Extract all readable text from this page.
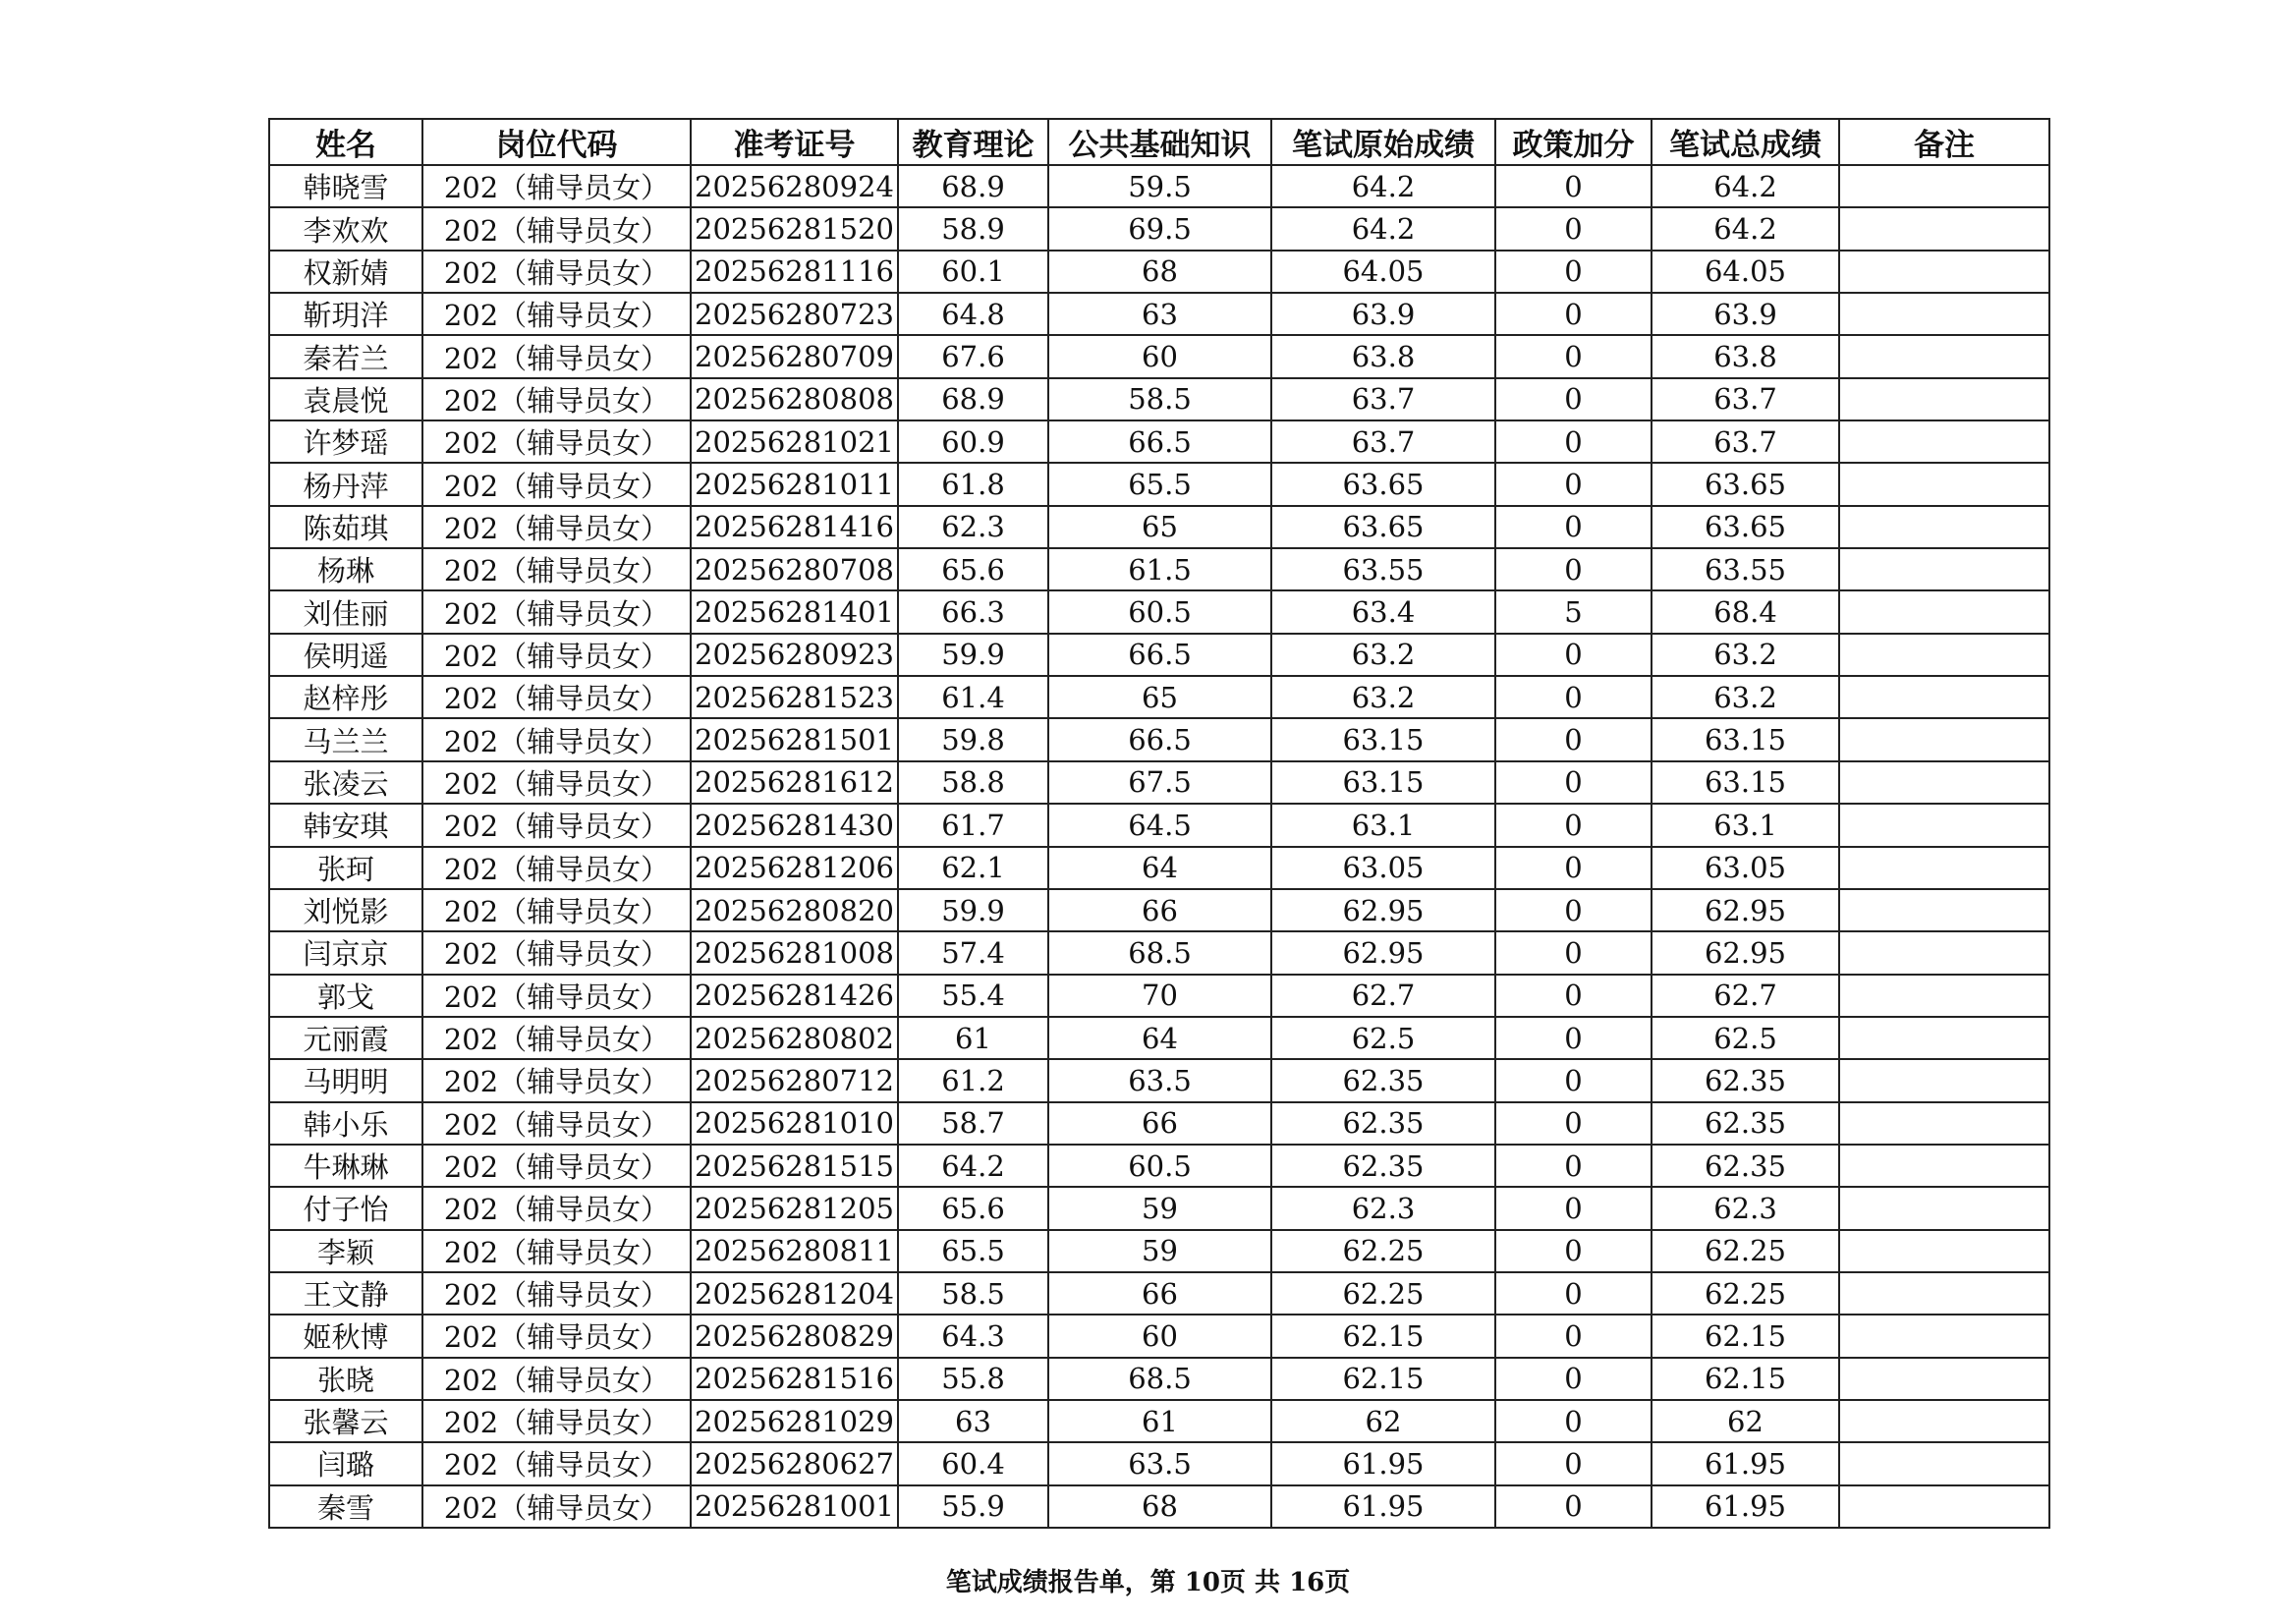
姓名	岗位代码	准考证号	教育理论	公共基础知识	笔试原始成绩	政策加分	笔试总成绩	备注
韩晓雪	202（辅导员女）	20256280924	68.9	59.5	64.2	0	64.2	
李欢欢	202（辅导员女）	20256281520	58.9	69.5	64.2	0	64.2	
权新婧	202（辅导员女）	20256281116	60.1	68	64.05	0	64.05	
靳玥洋	202（辅导员女）	20256280723	64.8	63	63.9	0	63.9	
秦若兰	202（辅导员女）	20256280709	67.6	60	63.8	0	63.8	
袁晨悦	202（辅导员女）	20256280808	68.9	58.5	63.7	0	63.7	
许梦瑶	202（辅导员女）	20256281021	60.9	66.5	63.7	0	63.7	
杨丹萍	202（辅导员女）	20256281011	61.8	65.5	63.65	0	63.65	
陈茹琪	202（辅导员女）	20256281416	62.3	65	63.65	0	63.65	
杨琳	202（辅导员女）	20256280708	65.6	61.5	63.55	0	63.55	
刘佳丽	202（辅导员女）	20256281401	66.3	60.5	63.4	5	68.4	
侯明遥	202（辅导员女）	20256280923	59.9	66.5	63.2	0	63.2	
赵梓彤	202（辅导员女）	20256281523	61.4	65	63.2	0	63.2	
马兰兰	202（辅导员女）	20256281501	59.8	66.5	63.15	0	63.15	
张凌云	202（辅导员女）	20256281612	58.8	67.5	63.15	0	63.15	
韩安琪	202（辅导员女）	20256281430	61.7	64.5	63.1	0	63.1	
张珂	202（辅导员女）	20256281206	62.1	64	63.05	0	63.05	
刘悦影	202（辅导员女）	20256280820	59.9	66	62.95	0	62.95	
闫京京	202（辅导员女）	20256281008	57.4	68.5	62.95	0	62.95	
郭戈	202（辅导员女）	20256281426	55.4	70	62.7	0	62.7	
元丽霞	202（辅导员女）	20256280802	61	64	62.5	0	62.5	
马明明	202（辅导员女）	20256280712	61.2	63.5	62.35	0	62.35	
韩小乐	202（辅导员女）	20256281010	58.7	66	62.35	0	62.35	
牛琳琳	202（辅导员女）	20256281515	64.2	60.5	62.35	0	62.35	
付子怡	202（辅导员女）	20256281205	65.6	59	62.3	0	62.3	
李颖	202（辅导员女）	20256280811	65.5	59	62.25	0	62.25	
王文静	202（辅导员女）	20256281204	58.5	66	62.25	0	62.25	
姬秋博	202（辅导员女）	20256280829	64.3	60	62.15	0	62.15	
张晓	202（辅导员女）	20256281516	55.8	68.5	62.15	0	62.15	
张馨云	202（辅导员女）	20256281029	63	61	62	0	62	
闫璐	202（辅导员女）	20256280627	60.4	63.5	61.95	0	61.95	
秦雪	202（辅导员女）	20256281001	55.9	68	61.95	0	61.95	
笔试成绩报告单，第 10页 共 16页
